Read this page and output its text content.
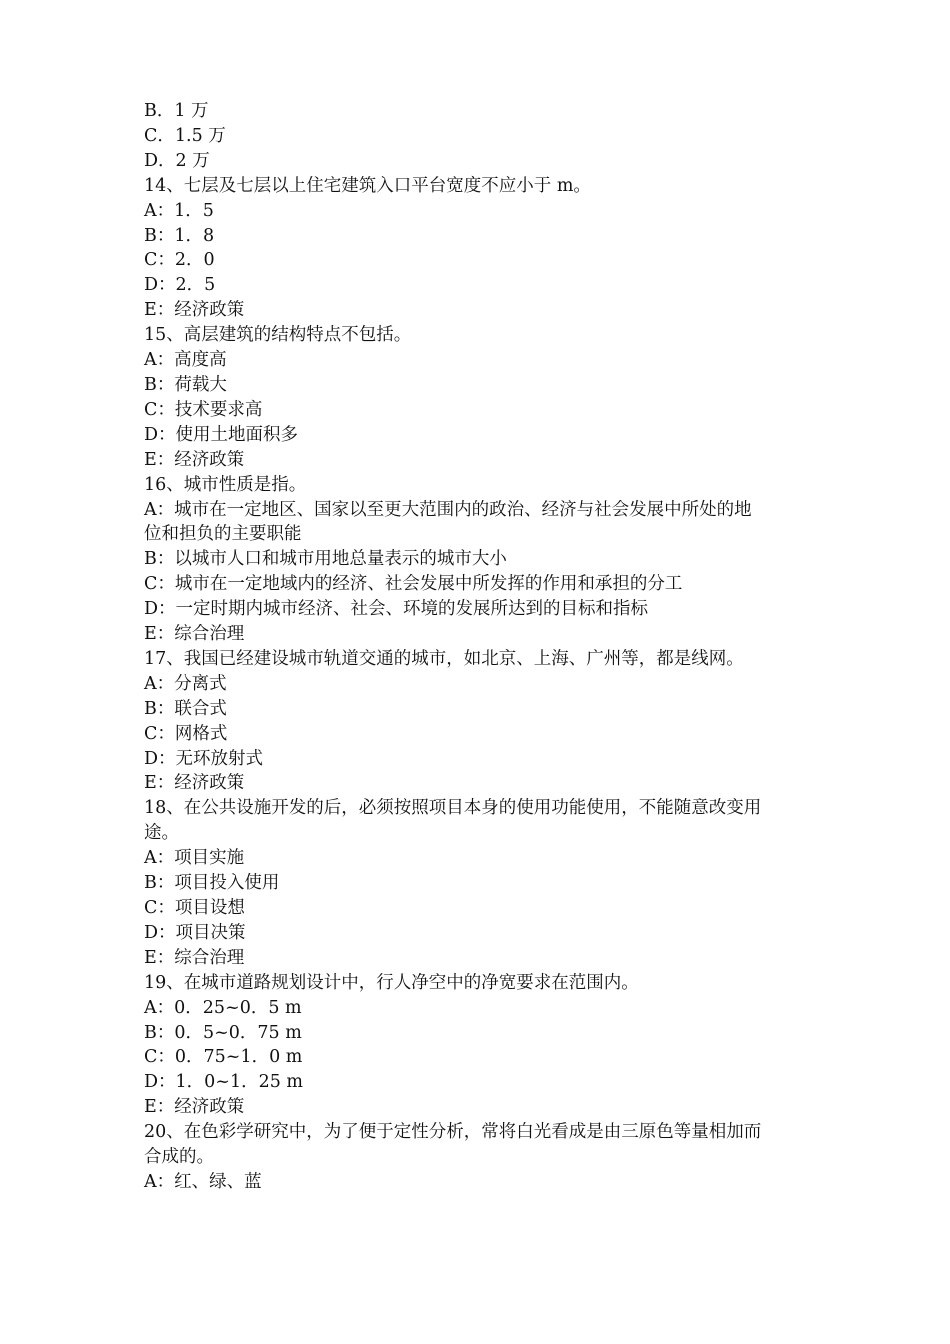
B．1 万
C．1.5 万
D．2 万
14、七层及七层以上住宅建筑入口平台宽度不应小于 m。
A：1．5
B：1．8
C：2．0
D：2．5
E：经济政策
15、高层建筑的结构特点不包括。
A：高度高
B：荷载大
C：技术要求高
D：使用土地面积多
E：经济政策
16、城市性质是指。
A：城市在一定地区、国家以至更大范围内的政治、经济与社会发展中所处的地
位和担负的主要职能
B：以城市人口和城市用地总量表示的城市大小
C：城市在一定地域内的经济、社会发展中所发挥的作用和承担的分工
D：一定时期内城市经济、社会、环境的发展所达到的目标和指标
E：综合治理
17、我国已经建设城市轨道交通的城市，如北京、上海、广州等，都是线网。
A：分离式
B：联合式
C：网格式
D：无环放射式
E：经济政策
18、在公共设施开发的后，必须按照项目本身的使用功能使用，不能随意改变用
途。
A：项目实施
B：项目投入使用
C：项目设想
D：项目决策
E：综合治理
19、在城市道路规划设计中，行人净空中的净宽要求在范围内。
A：0．25~0．5 m
B：0．5~0．75 m
C：0．75~1．0 m
D：1．0~1．25 m
E：经济政策
20、在色彩学研究中，为了便于定性分析，常将白光看成是由三原色等量相加而
合成的。
A：红、绿、蓝
